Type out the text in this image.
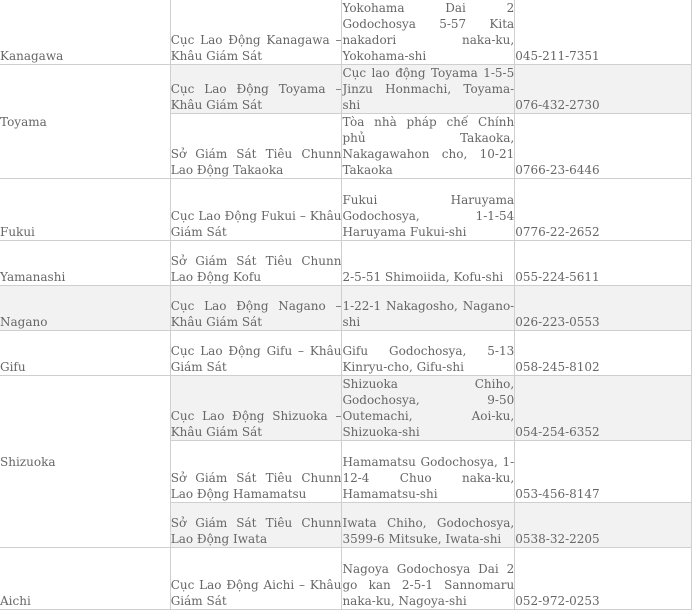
Kanagawa	Cục Lao Động Kanagawa – Khâu Giám Sát	Yokohama Dai 2 Godochosya 5-57 Kita nakadori naka-ku, Yokohama-shi	045-211-7351
Toyama	Cục Lao Động Toyama – Khâu Giám Sát	Cục lao động Toyama 1-5-5 Jinzu Honmachi, Toyama-shi	076-432-2730
	Sở Giám Sát Tiêu Chunn Lao Động Takaoka	Tòa nhà pháp chế Chính phủ Takaoka, Nakagawahon cho, 10-21 Takaoka	0766-23-6446
Fukui	Cục Lao Động Fukui – Khâu Giám Sát	Fukui Haruyama Godochosya, 1-1-54 Haruyama Fukui-shi	0776-22-2652
Yamanashi	Sở Giám Sát Tiêu Chunn Lao Động Kofu	2-5-51 Shimoiida, Kofu-shi	055-224-5611
Nagano	Cục Lao Động Nagano – Khâu Giám Sát	1-22-1 Nakagosho, Nagano-shi	026-223-0553
Gifu	Cục Lao Động Gifu – Khâu Giám Sát	Gifu Godochosya, 5-13 Kinryu-cho, Gifu-shi	058-245-8102
Shizuoka	Cục Lao Động Shizuoka – Khâu Giám Sát	Shizuoka Chiho, Godochosya, 9-50 Outemachi, Aoi-ku, Shizuoka-shi	054-254-6352
	Sở Giám Sát Tiêu Chunn Lao Động Hamamatsu	Hamamatsu Godochosya, 1-12-4 Chuo naka-ku, Hamamatsu-shi	053-456-8147
	Sở Giám Sát Tiêu Chunn Lao Động Iwata	Iwata Chiho, Godochosya, 3599-6 Mitsuke, Iwata-shi	0538-32-2205
Aichi	Cục Lao Động Aichi – Khâu Giám Sát	Nagoya Godochosya Dai 2 go kan 2-5-1 Sannomaru naka-ku, Nagoya-shi	052-972-0253
